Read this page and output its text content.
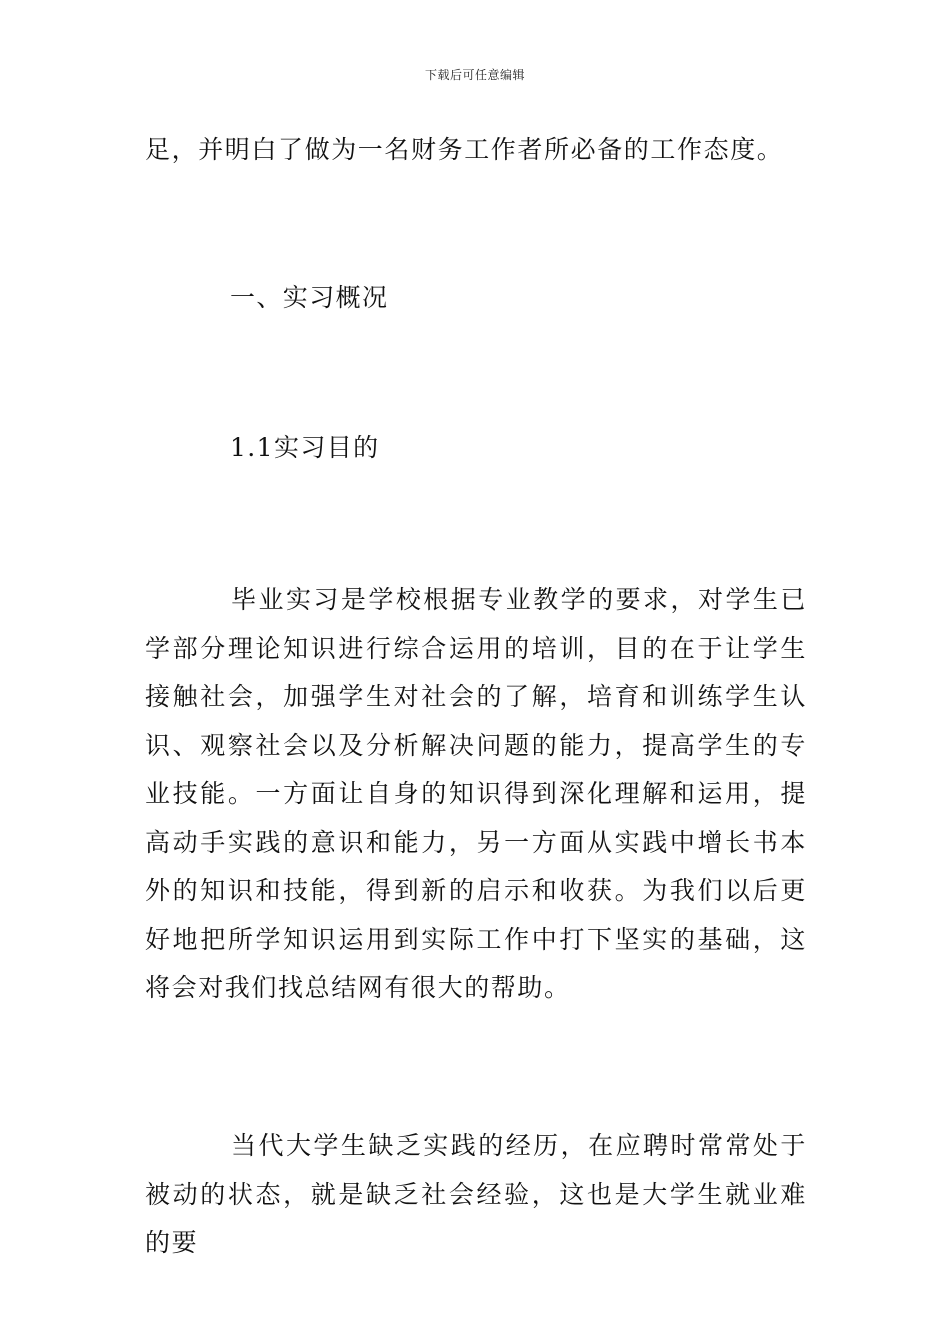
下载后可任意编辑

足，并明白了做为一名财务工作者所必备的工作态度。

一、实习概况

1.1实习目的

毕业实习是学校根据专业教学的要求，对学生已学部分理论知识进行综合运用的培训，目的在于让学生接触社会，加强学生对社会的了解，培育和训练学生认识、观察社会以及分析解决问题的能力，提高学生的专业技能。一方面让自身的知识得到深化理解和运用，提高动手实践的意识和能力，另一方面从实践中增长书本外的知识和技能，得到新的启示和收获。为我们以后更好地把所学知识运用到实际工作中打下坚实的基础，这将会对我们找总结网有很大的帮助。

当代大学生缺乏实践的经历，在应聘时常常处于被动的状态，就是缺乏社会经验，这也是大学生就业难的要
